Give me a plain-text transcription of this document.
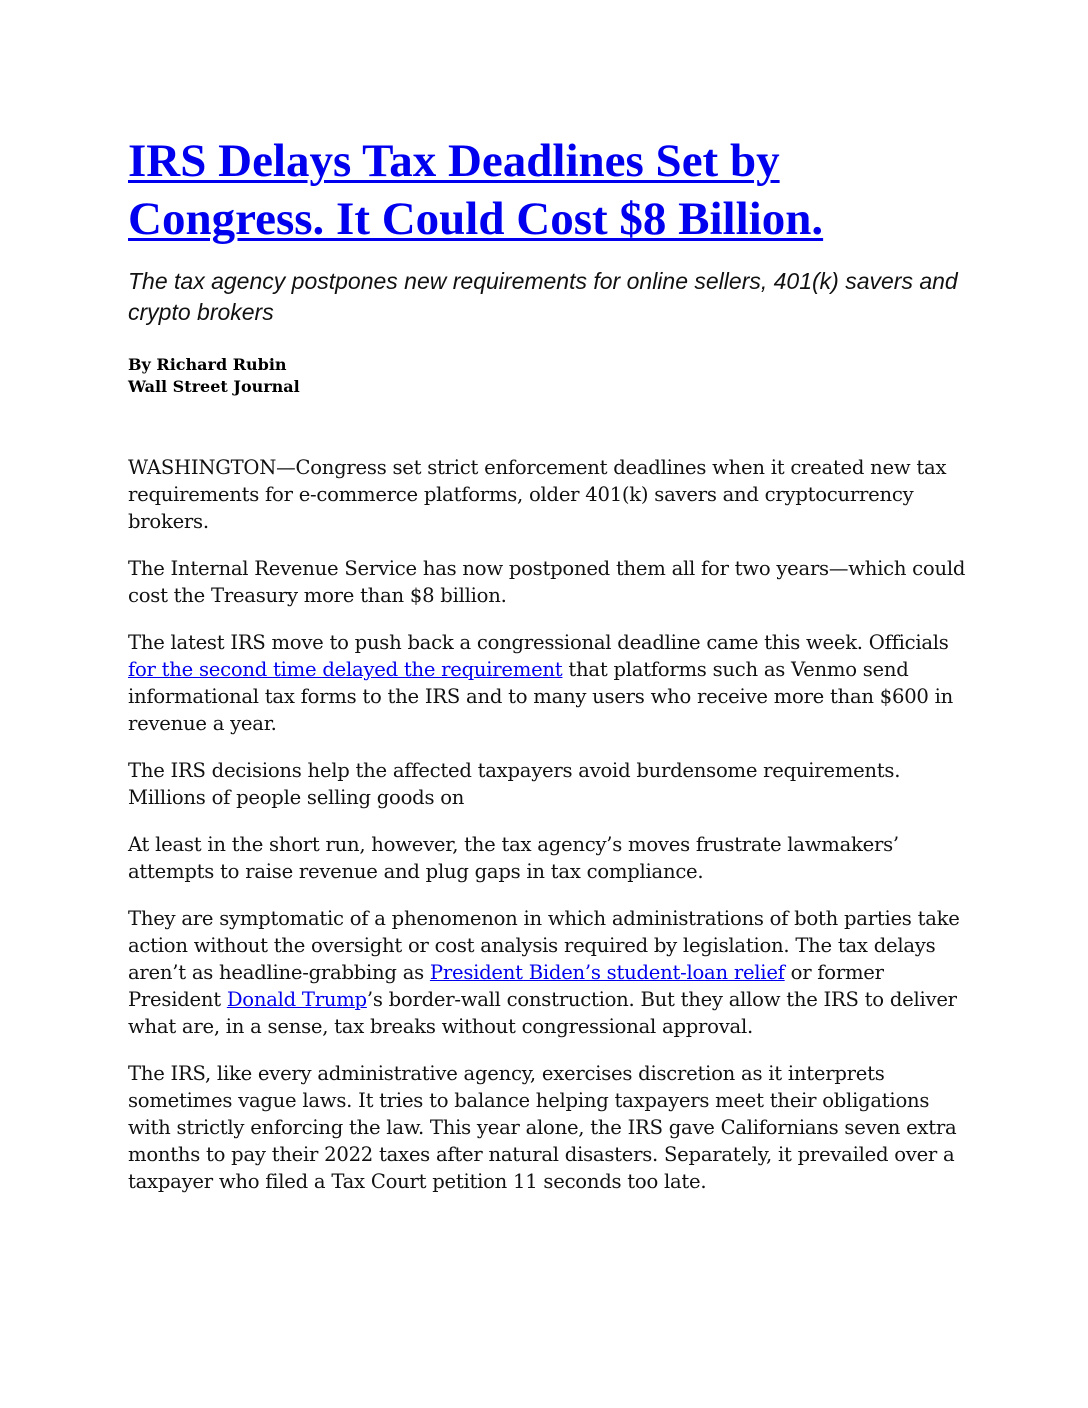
IRS Delays Tax Deadlines Set by Congress. It Could Cost $8 Billion.

The tax agency postpones new requirements for online sellers, 401(k) savers and crypto brokers

By Richard Rubin
Wall Street Journal

WASHINGTON—Congress set strict enforcement deadlines when it created new tax requirements for e-commerce platforms, older 401(k) savers and cryptocurrency brokers.

The Internal Revenue Service has now postponed them all for two years—which could cost the Treasury more than $8 billion.

The latest IRS move to push back a congressional deadline came this week. Officials for the second time delayed the requirement that platforms such as Venmo send informational tax forms to the IRS and to many users who receive more than $600 in revenue a year.

The IRS decisions help the affected taxpayers avoid burdensome requirements. Millions of people selling goods on

At least in the short run, however, the tax agency’s moves frustrate lawmakers’ attempts to raise revenue and plug gaps in tax compliance.

They are symptomatic of a phenomenon in which administrations of both parties take action without the oversight or cost analysis required by legislation. The tax delays aren’t as headline-grabbing as President Biden’s student-loan relief or former President Donald Trump’s border-wall construction. But they allow the IRS to deliver what are, in a sense, tax breaks without congressional approval.

The IRS, like every administrative agency, exercises discretion as it interprets sometimes vague laws. It tries to balance helping taxpayers meet their obligations with strictly enforcing the law. This year alone, the IRS gave Californians seven extra months to pay their 2022 taxes after natural disasters. Separately, it prevailed over a taxpayer who filed a Tax Court petition 11 seconds too late.
